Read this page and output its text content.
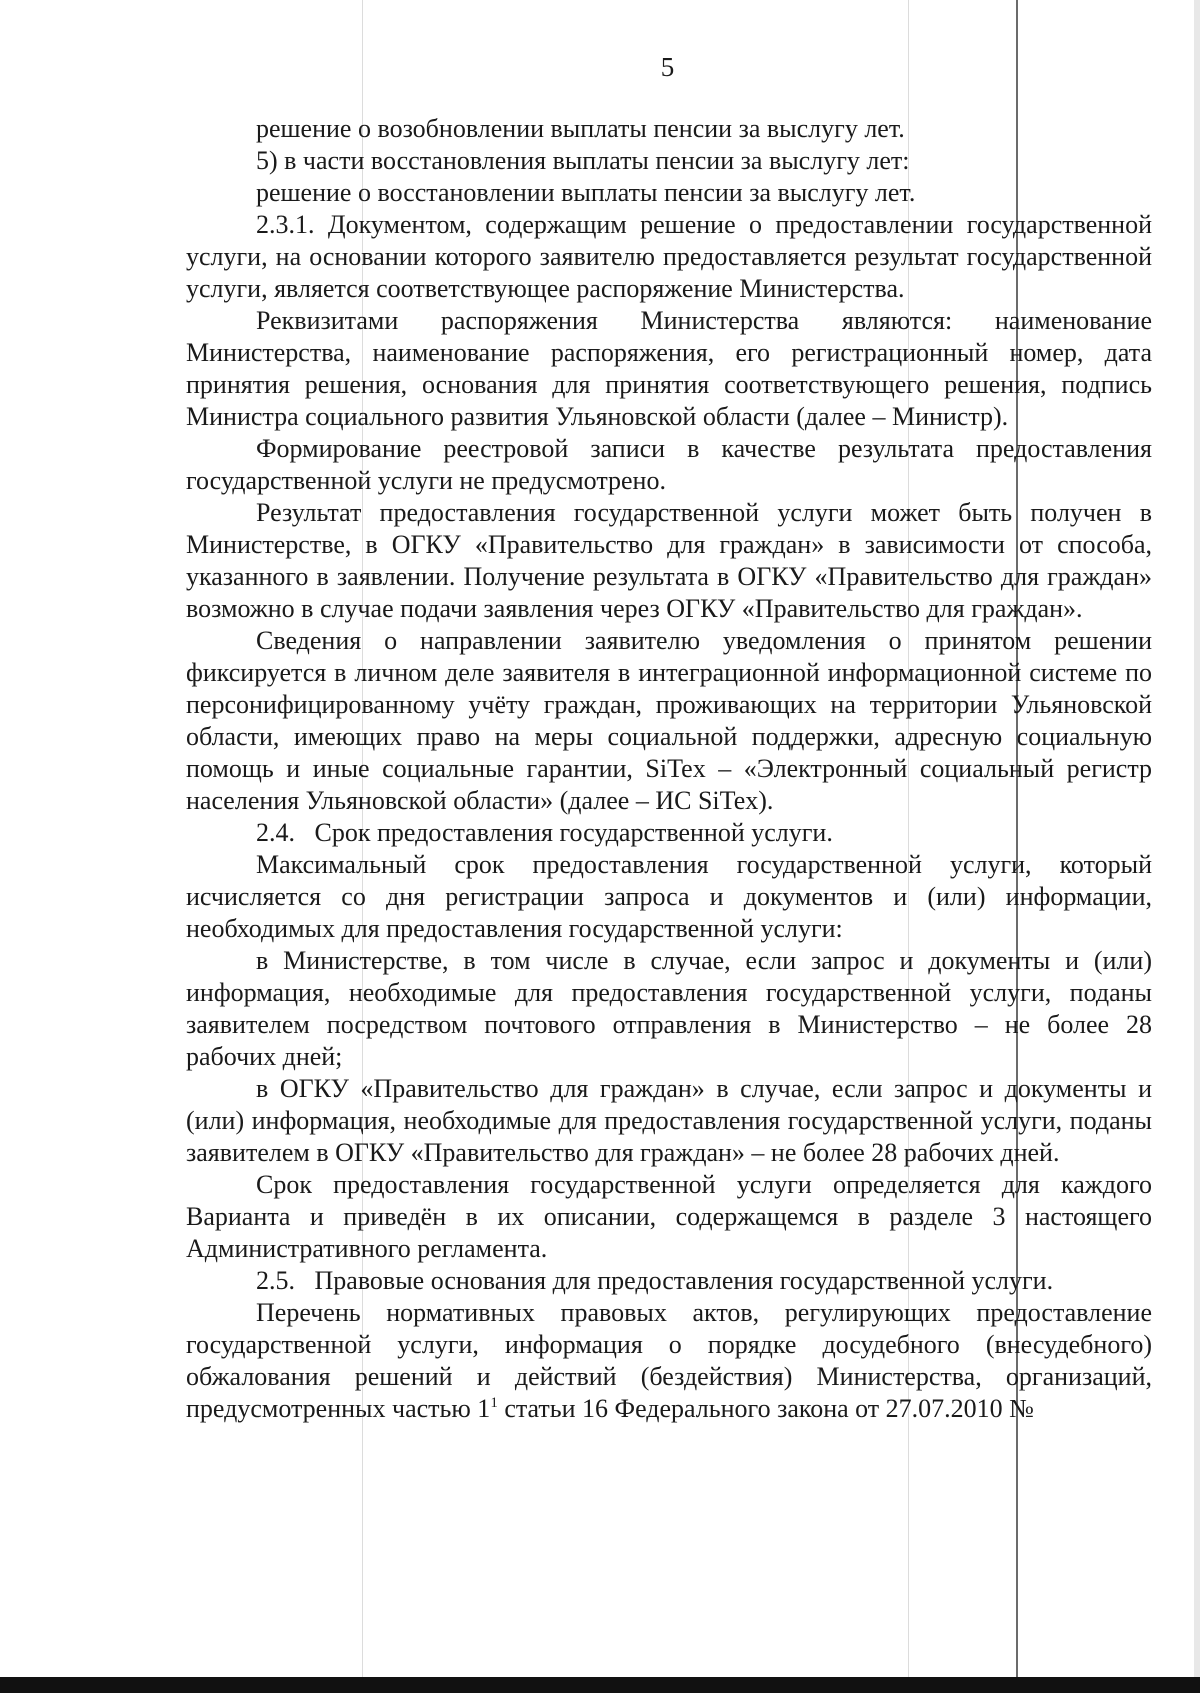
5

решение о возобновлении выплаты пенсии за выслугу лет.

5) в части восстановления выплаты пенсии за выслугу лет:

решение о восстановлении выплаты пенсии за выслугу лет.

2.3.1. Документом, содержащим решение о предоставлении государственной услуги, на основании которого заявителю предоставляется результат государственной услуги, является соответствующее распоряжение Министерства.

Реквизитами распоряжения Министерства являются: наименование Министерства, наименование распоряжения, его регистрационный номер, дата принятия решения, основания для принятия соответствующего решения, подпись Министра социального развития Ульяновской области (далее – Министр).

Формирование реестровой записи в качестве результата предоставления государственной услуги не предусмотрено.

Результат предоставления государственной услуги может быть получен в Министерстве, в ОГКУ «Правительство для граждан» в зависимости от способа, указанного в заявлении. Получение результата в ОГКУ «Правительство для граждан» возможно в случае подачи заявления через ОГКУ «Правительство для граждан».

Сведения о направлении заявителю уведомления о принятом решении фиксируется в личном деле заявителя в интеграционной информационной системе по персонифицированному учёту граждан, проживающих на территории Ульяновской области, имеющих право на меры социальной поддержки, адресную социальную помощь и иные социальные гарантии, SiTex – «Электронный социальный регистр населения Ульяновской области» (далее – ИС SiTex).

2.4.   Срок предоставления государственной услуги.

Максимальный срок предоставления государственной услуги, который исчисляется со дня регистрации запроса и документов и (или) информации, необходимых для предоставления государственной услуги:

в Министерстве, в том числе в случае, если запрос и документы и (или) информация, необходимые для предоставления государственной услуги, поданы заявителем посредством почтового отправления в Министерство – не более 28 рабочих дней;

в ОГКУ «Правительство для граждан» в случае, если запрос и документы и (или) информация, необходимые для предоставления государственной услуги, поданы заявителем в ОГКУ «Правительство для граждан» – не более 28 рабочих дней.

Срок предоставления государственной услуги определяется для каждого Варианта и приведён в их описании, содержащемся в разделе 3 настоящего Административного регламента.

2.5.   Правовые основания для предоставления государственной услуги.

Перечень нормативных правовых актов, регулирующих предоставление государственной услуги, информация о порядке досудебного (внесудебного) обжалования решений и действий (бездействия) Министерства, организаций, предусмотренных частью $1^1$ статьи 16 Федерального закона от 27.07.2010 №
